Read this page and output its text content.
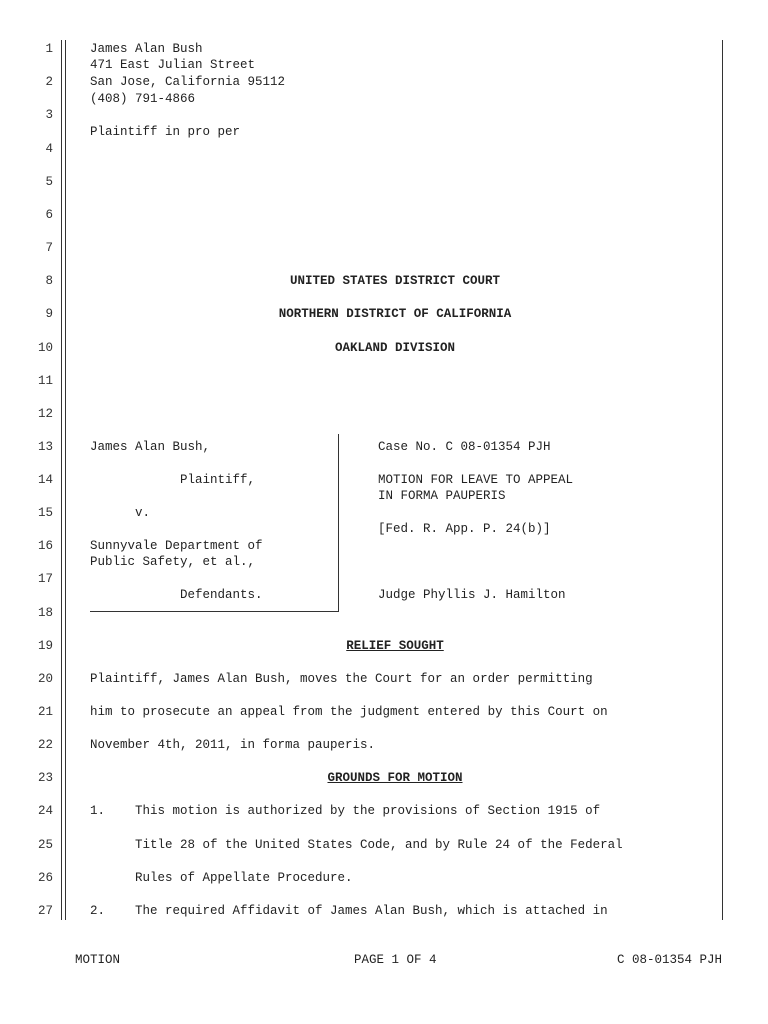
1
2
3
4
5
6
7
8
9
10
11
12
13
14
15
16
17
18
19
20
21
22
23
24
25
26
27
James Alan Bush
471 East Julian Street
San Jose, California 95112
(408) 791-4866
Plaintiff in pro per
UNITED STATES DISTRICT COURT
NORTHERN DISTRICT OF CALIFORNIA
OAKLAND DIVISION
James Alan Bush,
Plaintiff,
v.
Sunnyvale Department of
Public Safety, et al.,
Defendants.
Case No. C 08-01354 PJH
MOTION FOR LEAVE TO APPEAL
IN FORMA PAUPERIS
[Fed. R. App. P. 24(b)]
Judge Phyllis J. Hamilton
RELIEF SOUGHT
Plaintiff, James Alan Bush, moves the Court for an order permitting
him to prosecute an appeal from the judgment entered by this Court on
November 4th, 2011, in forma pauperis.
GROUNDS FOR MOTION
1. This motion is authorized by the provisions of Section 1915 of
Title 28 of the United States Code, and by Rule 24 of the Federal
Rules of Appellate Procedure.
2. The required Affidavit of James Alan Bush, which is attached in
MOTION	PAGE 1 OF 4	C 08-01354 PJH
